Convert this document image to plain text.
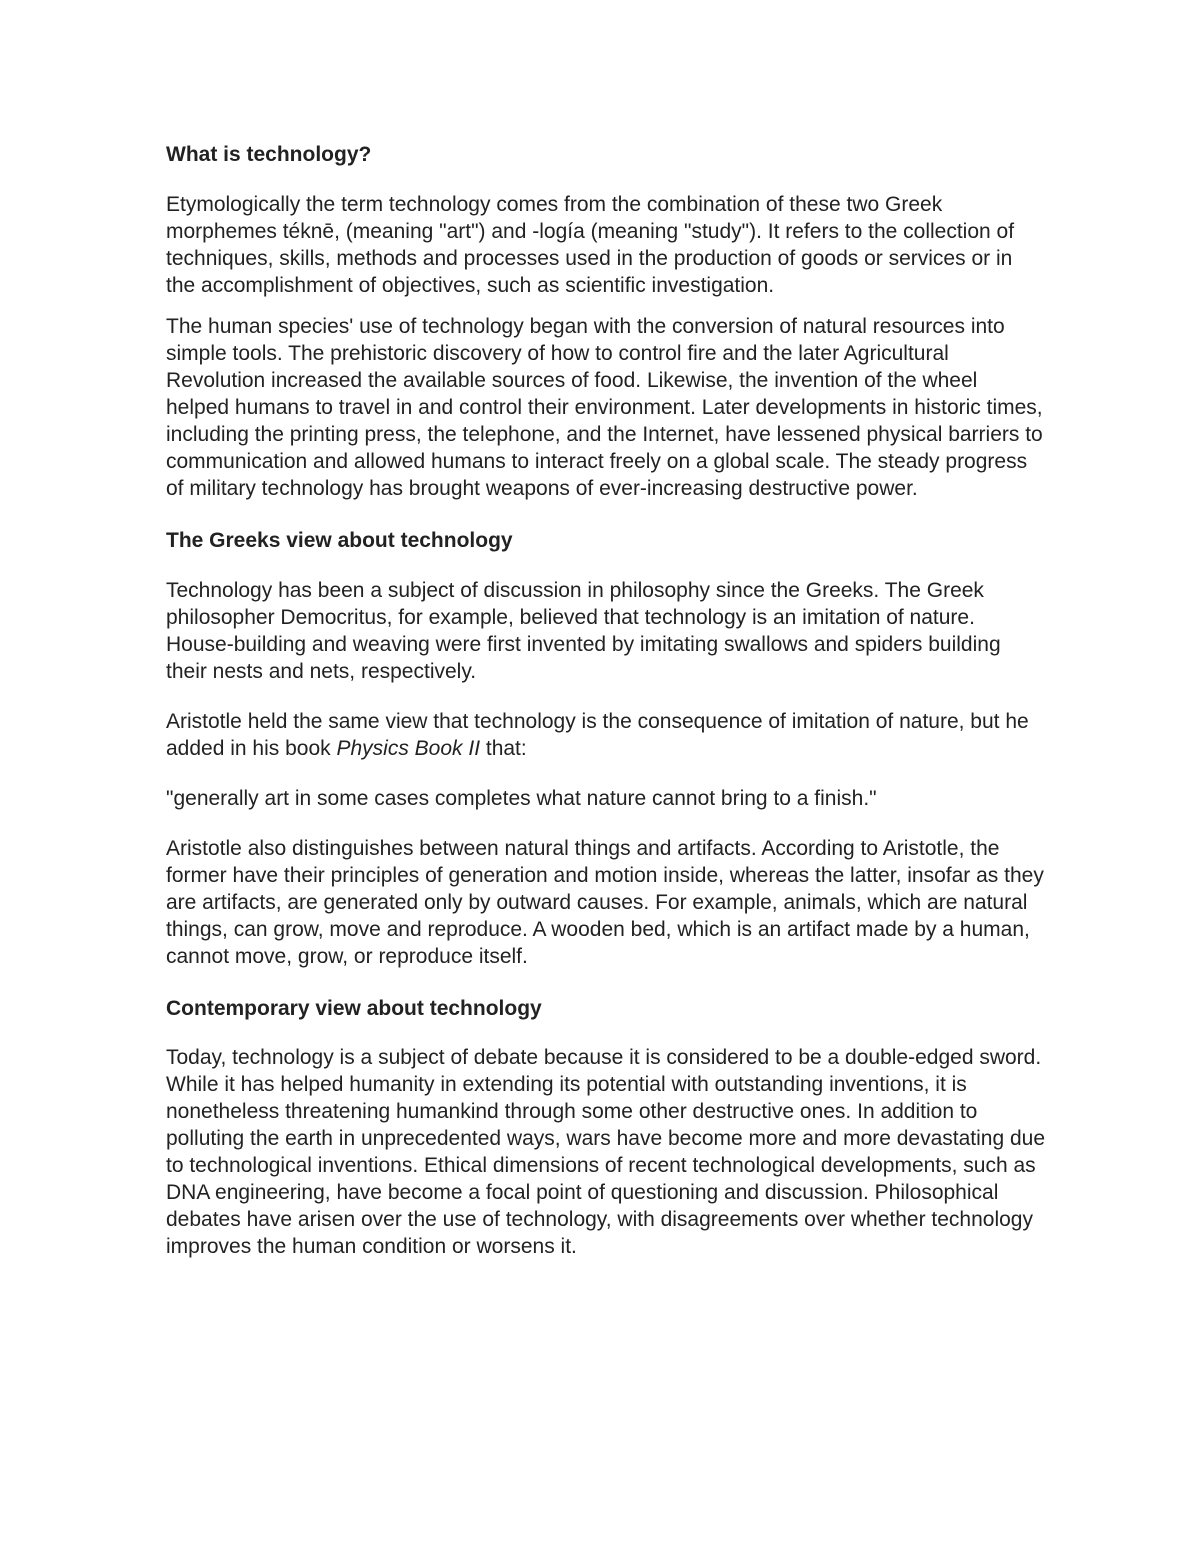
What is technology?

Etymologically the term technology comes from the combination of these two Greek morphemes téknē, (meaning "art") and -logía (meaning "study"). It refers to the collection of techniques, skills, methods and processes used in the production of goods or services or in the accomplishment of objectives, such as scientific investigation.

The human species' use of technology began with the conversion of natural resources into simple tools. The prehistoric discovery of how to control fire and the later Agricultural Revolution increased the available sources of food. Likewise, the invention of the wheel helped humans to travel in and control their environment. Later developments in historic times, including the printing press, the telephone, and the Internet, have lessened physical barriers to communication and allowed humans to interact freely on a global scale. The steady progress of military technology has brought weapons of ever-increasing destructive power.

The Greeks view about technology

Technology has been a subject of discussion in philosophy since the Greeks. The Greek philosopher Democritus, for example, believed that technology is an imitation of nature. House-building and weaving were first invented by imitating swallows and spiders building their nests and nets, respectively.

Aristotle held the same view that technology is the consequence of imitation of nature, but he added in his book Physics Book II that:

"generally art in some cases completes what nature cannot bring to a finish."

Aristotle also distinguishes between natural things and artifacts. According to Aristotle, the former have their principles of generation and motion inside, whereas the latter, insofar as they are artifacts, are generated only by outward causes. For example, animals, which are natural things, can grow, move and reproduce. A wooden bed, which is an artifact made by a human, cannot move, grow, or reproduce itself.

Contemporary view about technology

Today, technology is a subject of debate because it is considered to be a double-edged sword. While it has helped humanity in extending its potential with outstanding inventions, it is nonetheless threatening humankind through some other destructive ones. In addition to polluting the earth in unprecedented ways, wars have become more and more devastating due to technological inventions. Ethical dimensions of recent technological developments, such as DNA engineering, have become a focal point of questioning and discussion. Philosophical debates have arisen over the use of technology, with disagreements over whether technology improves the human condition or worsens it.
